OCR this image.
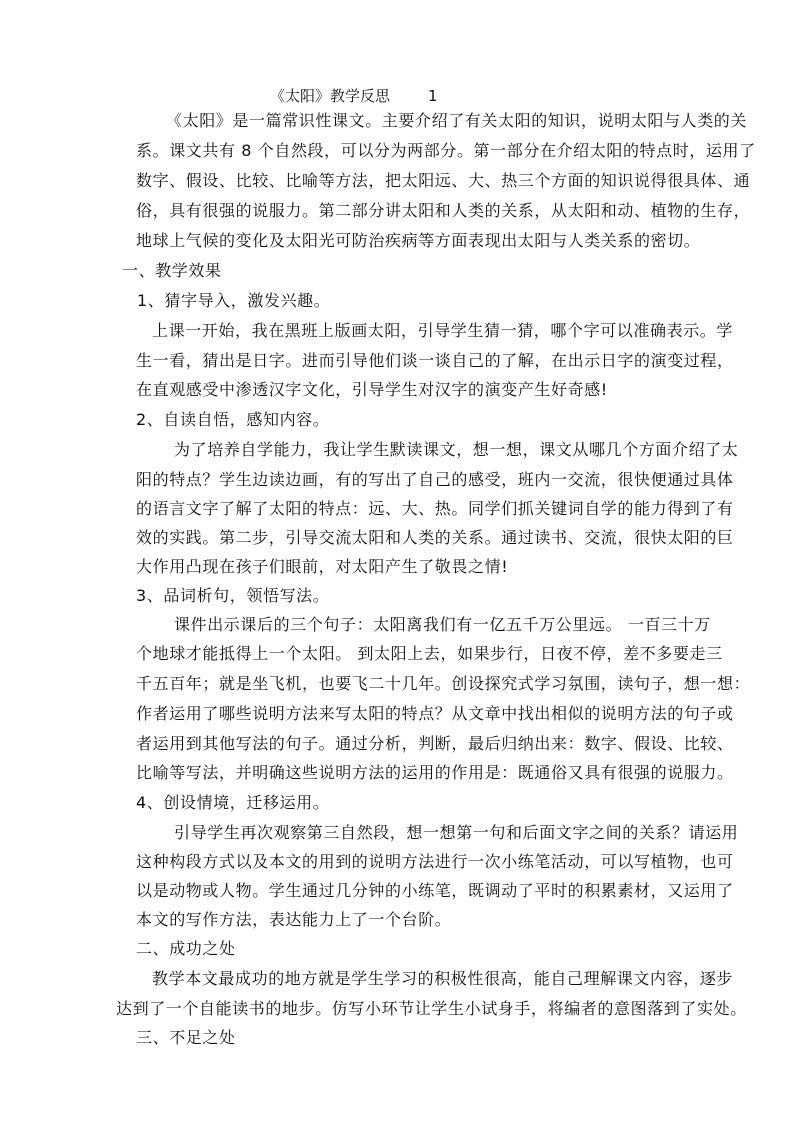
《太阳》教学反思	1
《太阳》是一篇常识性课文。主要介绍了有关太阳的知识，说明太阳与人类的关
系。课文共有 8 个自然段，可以分为两部分。第一部分在介绍太阳的特点时，运用了
数字、假设、比较、比喻等方法，把太阳远、大、热三个方面的知识说得很具体、通
俗，具有很强的说服力。第二部分讲太阳和人类的关系，从太阳和动、植物的生存，
地球上气候的变化及太阳光可防治疾病等方面表现出太阳与人类关系的密切。
一、教学效果
1、猜字导入，激发兴趣。
上课一开始，我在黑班上版画太阳，引导学生猜一猜，哪个字可以准确表示。学
生一看，猜出是日字。进而引导他们谈一谈自己的了解，在出示日字的演变过程，
在直观感受中渗透汉字文化，引导学生对汉字的演变产生好奇感!
2、自读自悟，感知内容。
为了培养自学能力，我让学生默读课文，想一想，课文从哪几个方面介绍了太
阳的特点？学生边读边画，有的写出了自己的感受，班内一交流，很快便通过具体
的语言文字了解了太阳的特点：远、大、热。同学们抓关键词自学的能力得到了有
效的实践。第二步，引导交流太阳和人类的关系。通过读书、交流，很快太阳的巨
大作用凸现在孩子们眼前，对太阳产生了敬畏之情!
3、品词析句，领悟写法。
课件出示课后的三个句子：太阳离我们有一亿五千万公里远。 一百三十万
个地球才能抵得上一个太阳。 到太阳上去，如果步行，日夜不停，差不多要走三
千五百年；就是坐飞机，也要飞二十几年。创设探究式学习氛围，读句子，想一想：
作者运用了哪些说明方法来写太阳的特点？从文章中找出相似的说明方法的句子或
者运用到其他写法的句子。通过分析，判断，最后归纳出来：数字、假设、比较、
比喻等写法，并明确这些说明方法的运用的作用是：既通俗又具有很强的说服力。
4、创设情境，迁移运用。
引导学生再次观察第三自然段，想一想第一句和后面文字之间的关系？请运用
这种构段方式以及本文的用到的说明方法进行一次小练笔活动，可以写植物，也可
以是动物或人物。学生通过几分钟的小练笔，既调动了平时的积累素材，又运用了
本文的写作方法，表达能力上了一个台阶。
二、成功之处
教学本文最成功的地方就是学生学习的积极性很高，能自己理解课文内容，逐步
达到了一个自能读书的地步。仿写小环节让学生小试身手，将编者的意图落到了实处。
三、不足之处
